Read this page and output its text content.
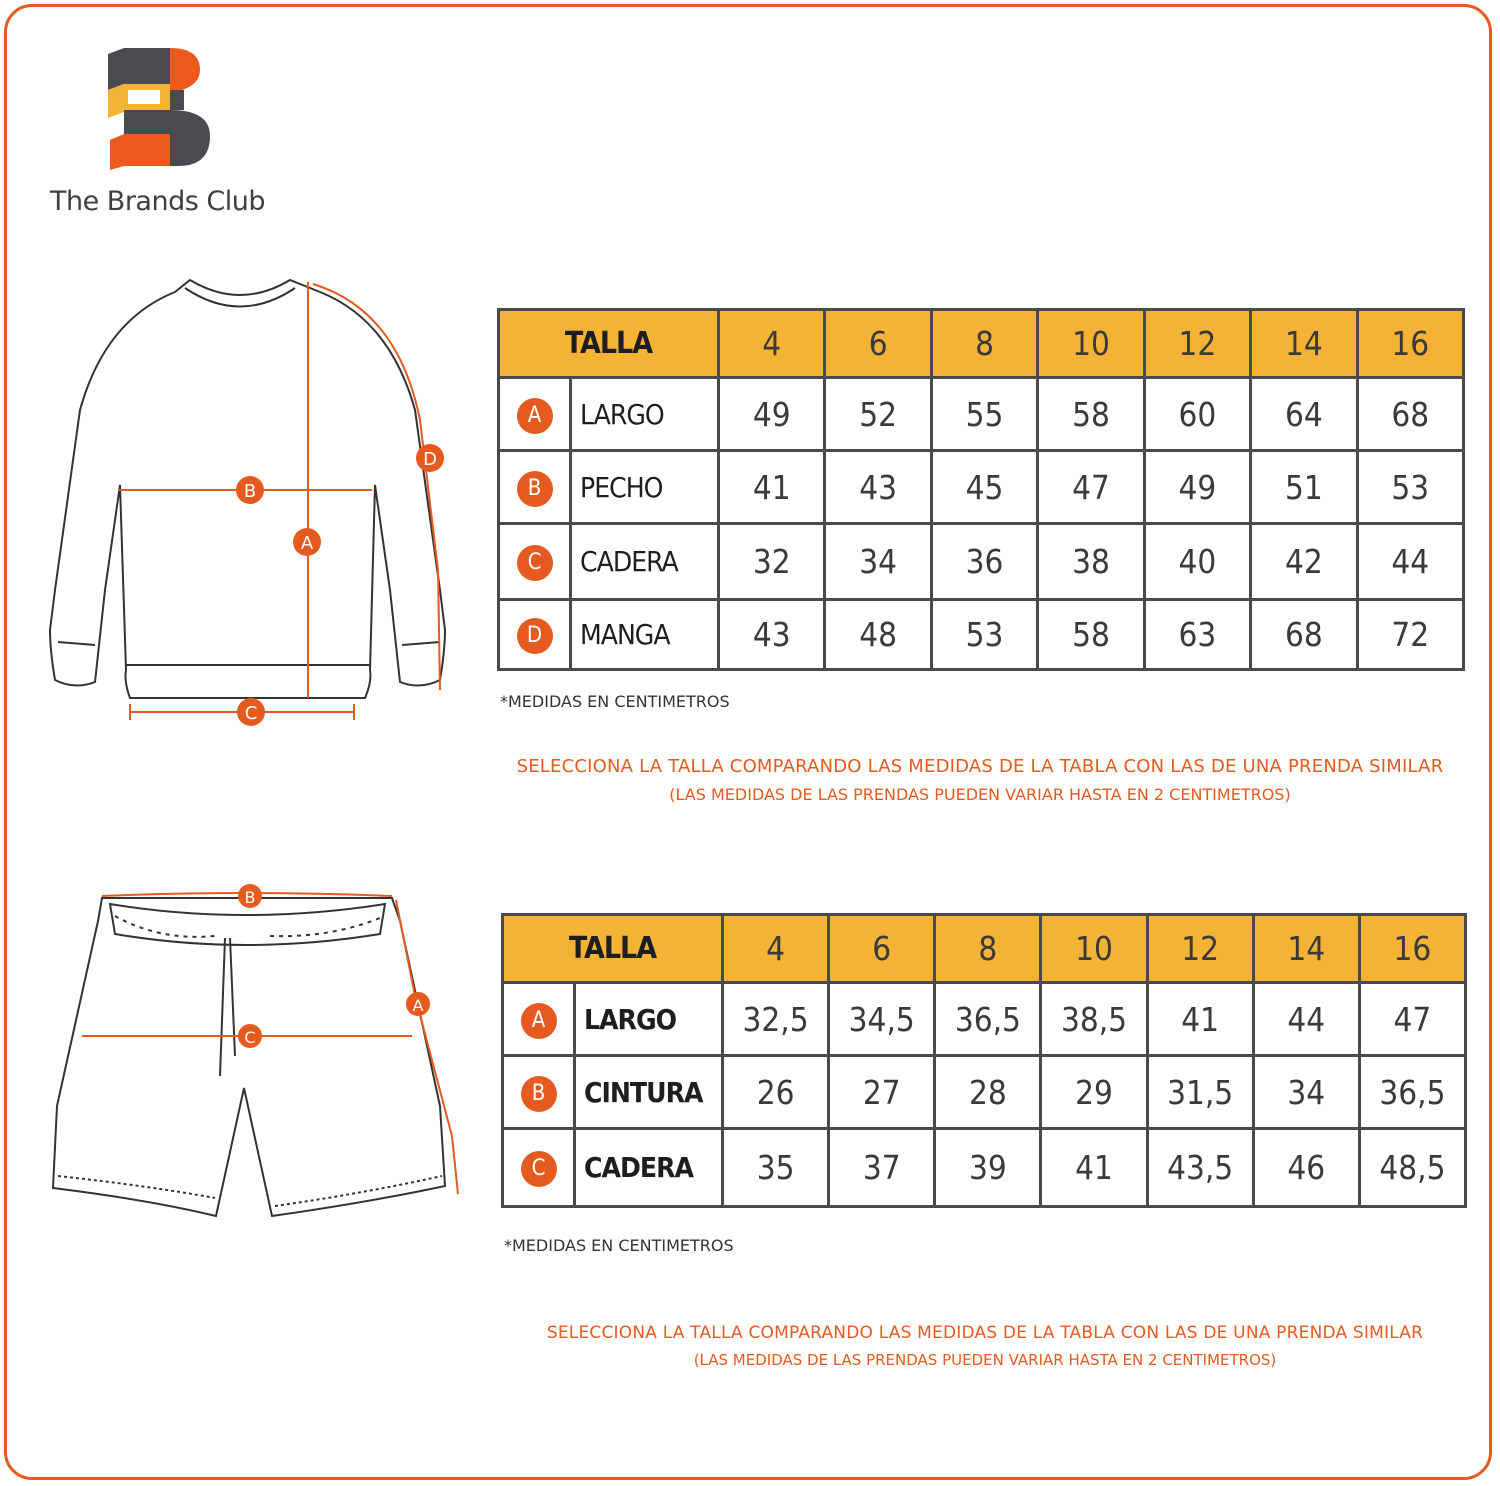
The Brands Club
A
B
C
D
TALLA		4	6	8	10	12	14	16
A	LARGO	49	52	55	58	60	64	68
B	PECHO	41	43	45	47	49	51	53
C	CADERA	32	34	36	38	40	42	44
D	MANGA	43	48	53	58	63	68	72
*MEDIDAS EN CENTIMETROS
SELECCIONA LA TALLA COMPARANDO LAS MEDIDAS DE LA TABLA CON LAS DE UNA PRENDA SIMILAR
(LAS MEDIDAS DE LAS PRENDAS PUEDEN VARIAR HASTA EN 2 CENTIMETROS)
A
B
C
TALLA		4	6	8	10	12	14	16
A	LARGO	32,5	34,5	36,5	38,5	41	44	47
B	CINTURA	26	27	28	29	31,5	34	36,5
C	CADERA	35	37	39	41	43,5	46	48,5
*MEDIDAS EN CENTIMETROS
SELECCIONA LA TALLA COMPARANDO LAS MEDIDAS DE LA TABLA CON LAS DE UNA PRENDA SIMILAR
(LAS MEDIDAS DE LAS PRENDAS PUEDEN VARIAR HASTA EN 2 CENTIMETROS)
